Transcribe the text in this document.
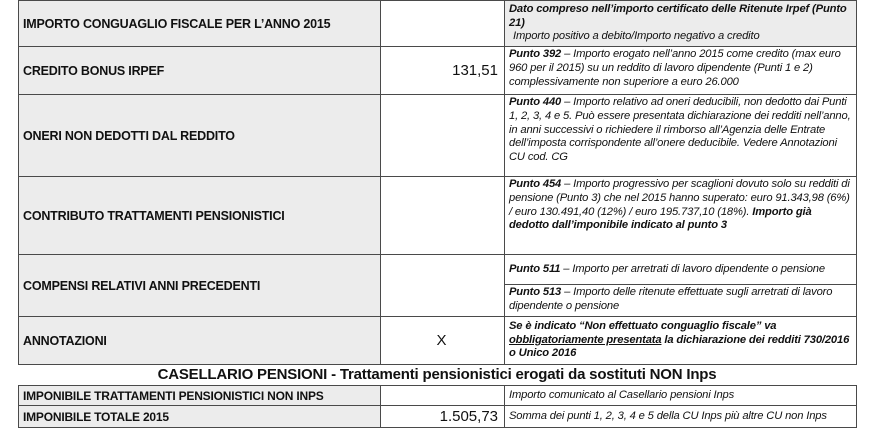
IMPORTO CONGUAGLIO FISCALE PER L’ANNO 2015		Dato compreso nell’importo certificato delle Ritenute Irpef (Punto 21)
Importo positivo a debito/Importo negativo a credito

CREDITO BONUS IRPEF	131,51	Punto 392 – Importo erogato nell’anno 2015 come credito (max euro 960 per il 2015) su un reddito di lavoro dipendente (Punti 1 e 2) complessivamente non superiore a euro 26.000
ONERI NON DEDOTTI DAL REDDITO		Punto 440 – Importo relativo ad oneri deducibili, non dedotto dai Punti 1, 2, 3, 4 e 5. Può essere presentata dichiarazione dei redditi nell’anno, in anni successivi o richiedere il rimborso all’Agenzia delle Entrate dell’imposta corrispondente all’onere deducibile. Vedere Annotazioni CU cod. CG
CONTRIBUTO TRATTAMENTI PENSIONISTICI		Punto 454 – Importo progressivo per scaglioni dovuto solo su redditi di pensione (Punto 3) che nel 2015 hanno superato: euro 91.343,98 (6%) / euro 130.491,40 (12%) / euro 195.737,10 (18%). Importo già dedotto dall’imponibile indicato al punto 3
COMPENSI RELATIVI ANNI PRECEDENTI		Punto 511 – Importo per arretrati di lavoro dipendente o pensione
		Punto 513 – Importo delle ritenute effettuate sugli arretrati di lavoro dipendente o pensione
ANNOTAZIONI	X	Se è indicato “Non effettuato conguaglio fiscale” va obbligatoriamente presentata la dichiarazione dei redditi 730/2016 o Unico 2016
CASELLARIO PENSIONI - Trattamenti pensionistici erogati da sostituti NON Inps
IMPONIBILE TRATTAMENTI PENSIONISTICI NON INPS		Importo comunicato al Casellario pensioni Inps
IMPONIBILE TOTALE 2015	1.505,73	Somma dei punti 1, 2, 3, 4 e 5 della CU Inps più altre CU non Inps
